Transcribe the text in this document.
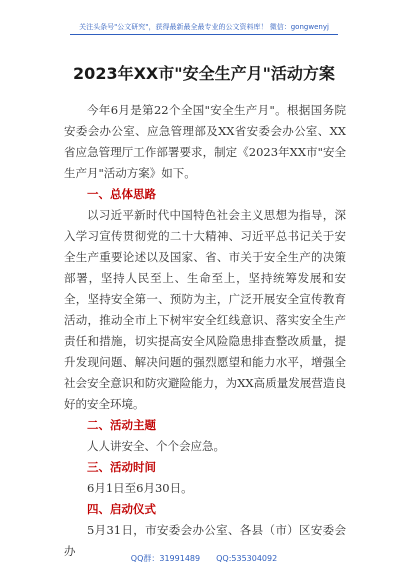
关注头条号"公文研究"，获得最新最全最专业的公文资料库！ 微信：gongwenyj
2023年XX市"安全生产月"活动方案

今年6月是第22个全国"安全生产月"。根据国务院安委会办公室、应急管理部及XX省安委会办公室、XX省应急管理厅工作部署要求，制定《2023年XX市"安全生产月"活动方案》如下。

一、总体思路

以习近平新时代中国特色社会主义思想为指导，深入学习宣传贯彻党的二十大精神、习近平总书记关于安全生产重要论述以及国家、省、市关于安全生产的决策部署，坚持人民至上、生命至上，坚持统筹发展和安全，坚持安全第一、预防为主，广泛开展安全宣传教育活动，推动全市上下树牢安全红线意识、落实安全生产责任和措施，切实提高安全风险隐患排查整改质量，提升发现问题、解决问题的强烈愿望和能力水平，增强全社会安全意识和防灾避险能力，为XX高质量发展营造良好的安全环境。

二、活动主题

人人讲安全、个个会应急。

三、活动时间

6月1日至6月30日。

四、启动仪式

5月31日，市安委会办公室、各县（市）区安委会办

QQ群：31991489 QQ:535304092
